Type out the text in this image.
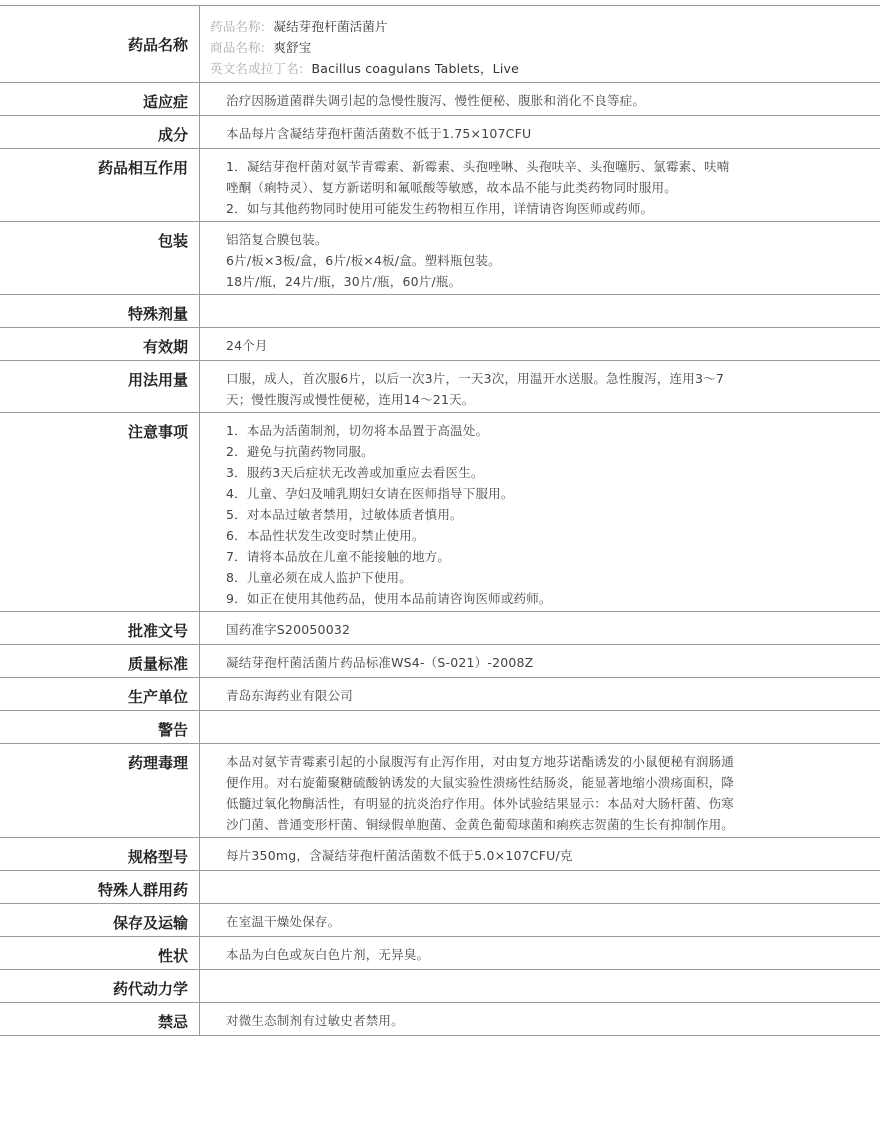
药品名称
药品名称: 凝结芽孢杆菌活菌片
商品名称: 爽舒宝
英文名或拉丁名: Bacillus coagulans Tablets，Live
适应症	治疗因肠道菌群失调引起的急慢性腹泻、慢性便秘、腹胀和消化不良等症。
成分	本品每片含凝结芽孢杆菌活菌数不低于1.75×107CFU
药品相互作用	1．凝结芽孢杆菌对氨苄青霉素、新霉素、头孢唑啉、头孢呋辛、头孢噻肟、氯霉素、呋喃
唑酮（痢特灵）、复方新诺明和氟哌酸等敏感，故本品不能与此类药物同时服用。
2．如与其他药物同时使用可能发生药物相互作用，详情请咨询医师或药师。
包装	铝箔复合膜包装。
6片/板×3板/盒，6片/板×4板/盒。塑料瓶包装。
18片/瓶，24片/瓶，30片/瓶，60片/瓶。
特殊剂量
有效期	24个月
用法用量	口服，成人，首次服6片，以后一次3片，一天3次，用温开水送服。急性腹泻，连用3～7
天；慢性腹泻或慢性便秘，连用14～21天。
注意事项	1．本品为活菌制剂，切勿将本品置于高温处。
2．避免与抗菌药物同服。
3．服药3天后症状无改善或加重应去看医生。
4．儿童、孕妇及哺乳期妇女请在医师指导下服用。
5．对本品过敏者禁用，过敏体质者慎用。
6．本品性状发生改变时禁止使用。
7．请将本品放在儿童不能接触的地方。
8．儿童必须在成人监护下使用。
9．如正在使用其他药品，使用本品前请咨询医师或药师。
批准文号	国药准字S20050032
质量标准	凝结芽孢杆菌活菌片药品标准WS4-（S-021）-2008Z
生产单位	青岛东海药业有限公司
警告
药理毒理	本品对氨苄青霉素引起的小鼠腹泻有止泻作用，对由复方地芬诺酯诱发的小鼠便秘有润肠通
便作用。对右旋葡聚糖硫酸钠诱发的大鼠实验性溃疡性结肠炎，能显著地缩小溃疡面积，降
低髓过氧化物酶活性，有明显的抗炎治疗作用。体外试验结果显示：本品对大肠杆菌、伤寒
沙门菌、普通变形杆菌、铜绿假单胞菌、金黄色葡萄球菌和痢疾志贺菌的生长有抑制作用。
规格型号	每片350mg，含凝结芽孢杆菌活菌数不低于5.0×107CFU/克
特殊人群用药
保存及运输	在室温干燥处保存。
性状	本品为白色或灰白色片剂，无异臭。
药代动力学
禁忌	对微生态制剂有过敏史者禁用。
